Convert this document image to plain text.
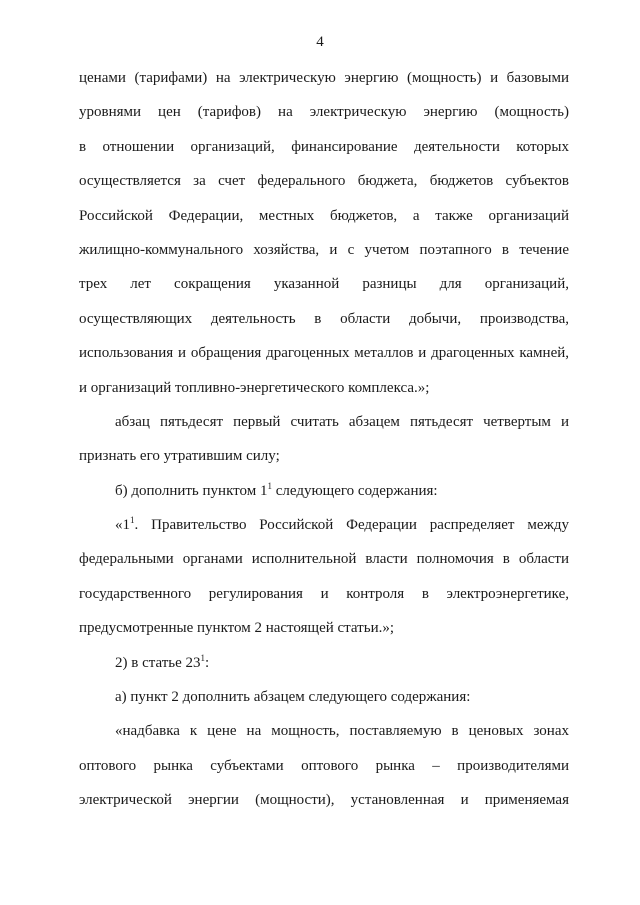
4
ценами (тарифами) на электрическую энергию (мощность) и базовыми
уровнями цен (тарифов) на электрическую энергию (мощность)
в отношении организаций, финансирование деятельности которых
осуществляется за счет федерального бюджета, бюджетов субъектов
Российской Федерации, местных бюджетов, а также организаций
жилищно-коммунального хозяйства, и с учетом поэтапного в течение
трех лет сокращения указанной разницы для организаций,
осуществляющих деятельность в области добычи, производства,
использования и обращения драгоценных металлов и драгоценных камней,
и организаций топливно-энергетического комплекса.»;
абзац пятьдесят первый считать абзацем пятьдесят четвертым и
признать его утратившим силу;
б) дополнить пунктом $1^1$ следующего содержания:
«$1^1$. Правительство Российской Федерации распределяет между
федеральными органами исполнительной власти полномочия в области
государственного регулирования и контроля в электроэнергетике,
предусмотренные пунктом 2 настоящей статьи.»;
2) в статье $23^1$:
а) пункт 2 дополнить абзацем следующего содержания:
«надбавка к цене на мощность, поставляемую в ценовых зонах
оптового рынка субъектами оптового рынка – производителями
электрической энергии (мощности), установленная и применяемая
